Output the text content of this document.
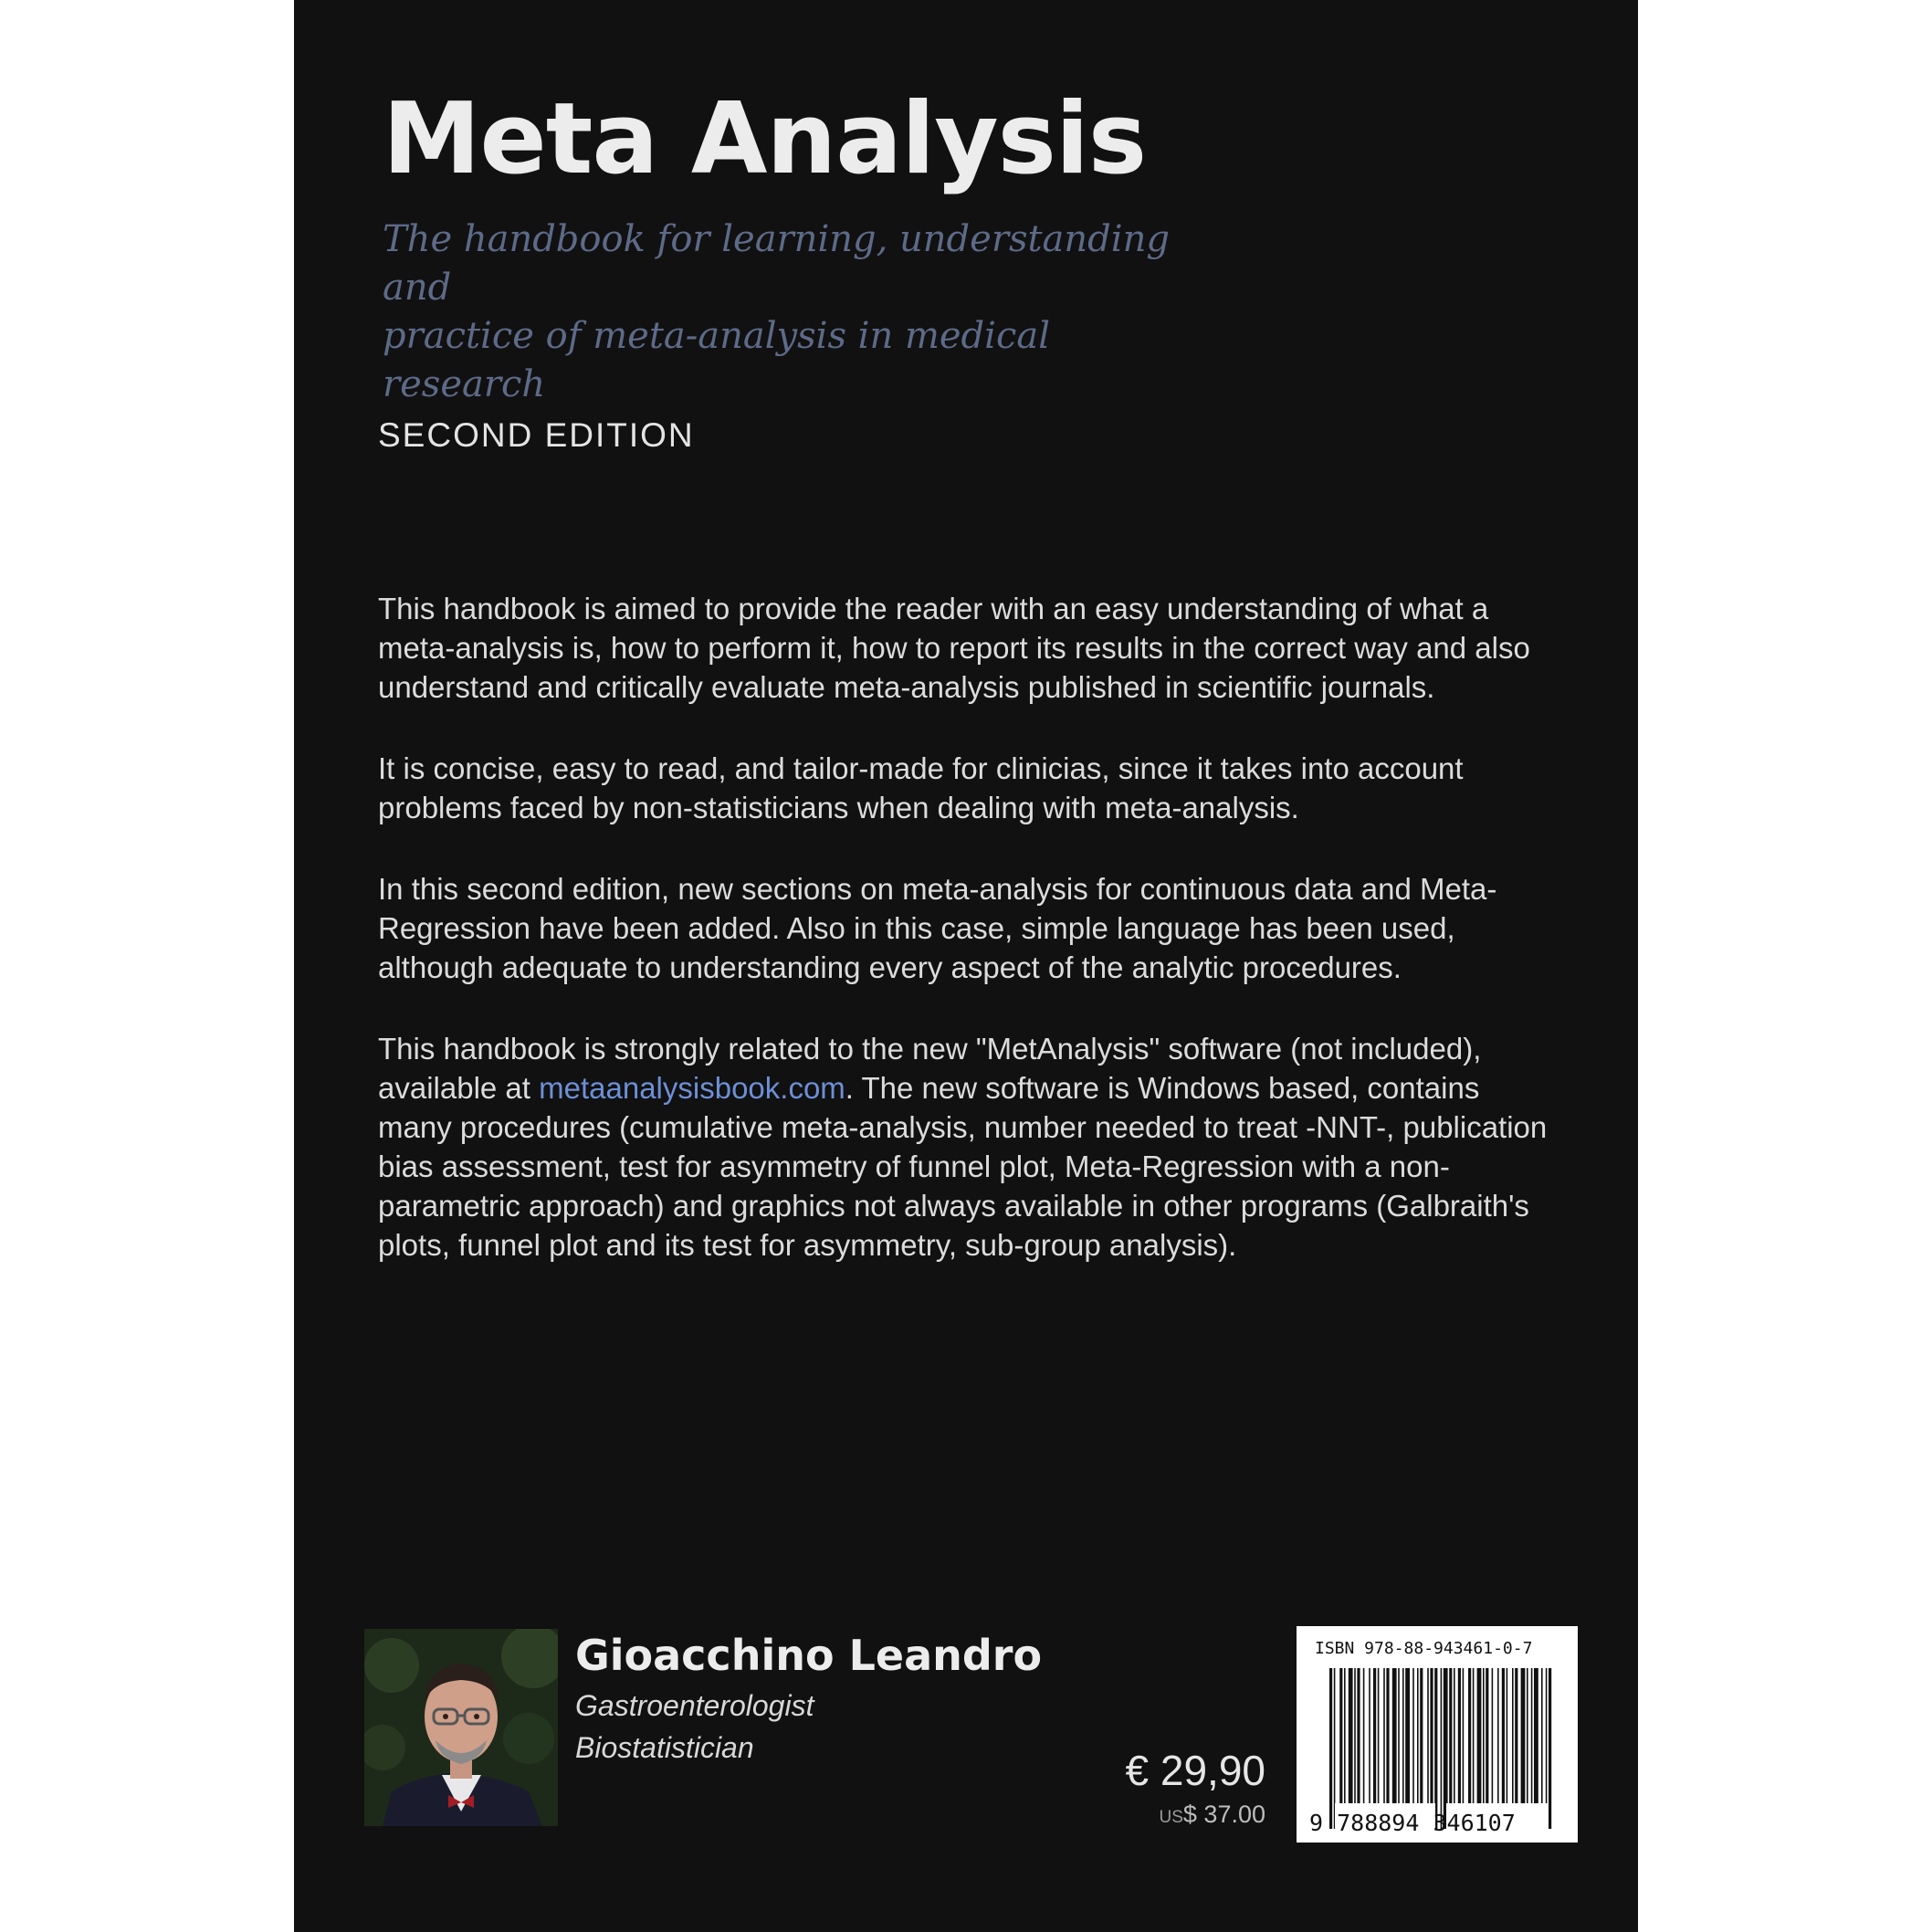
Meta Analysis
The handbook for learning, understanding and
practice of meta-analysis in medical research
SECOND EDITION

This handbook is aimed to provide the reader with an easy understanding of what a meta-analysis is, how to perform it, how to report its results in the correct way and also understand and critically evaluate meta-analysis published in scientific journals.

It is concise, easy to read, and tailor-made for clinicias, since it takes into account problems faced by non-statisticians when dealing with meta-analysis.

In this second edition, new sections on meta-analysis for continuous data and Meta-Regression have been added. Also in this case, simple language has been used, although adequate to understanding every aspect of the analytic procedures.

This handbook is strongly related to the new "MetAnalysis" software (not included), available at metaanalysisbook.com. The new software is Windows based, contains many procedures (cumulative meta-analysis, number needed to treat -NNT-, publication bias assessment, test for asymmetry of funnel plot, Meta-Regression with a non-parametric approach) and graphics not always available in other programs (Galbraith's plots, funnel plot and its test for asymmetry, sub-group analysis).

Gioacchino Leandro
Gastroenterologist
Biostatistician	€ 29,90
US$ 37.00
ISBN 978-88-943461-0-7
9 788894 346107
